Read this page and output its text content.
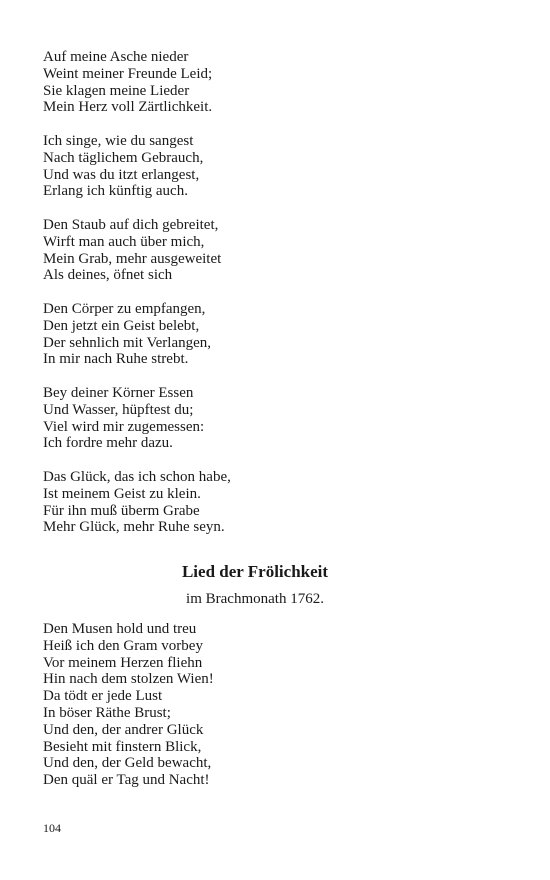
Auf meine Asche nieder
Weint meiner Freunde Leid;
Sie klagen meine Lieder
Mein Herz voll Zärtlichkeit.
Ich singe, wie du sangest
Nach täglichem Gebrauch,
Und was du itzt erlangest,
Erlang ich künftig auch.
Den Staub auf dich gebreitet,
Wirft man auch über mich,
Mein Grab, mehr ausgeweitet
Als deines, öfnet sich
Den Cörper zu empfangen,
Den jetzt ein Geist belebt,
Der sehnlich mit Verlangen,
In mir nach Ruhe strebt.
Bey deiner Körner Essen
Und Wasser, hüpftest du;
Viel wird mir zugemessen:
Ich fordre mehr dazu.
Das Glück, das ich schon habe,
Ist meinem Geist zu klein.
Für ihn muß überm Grabe
Mehr Glück, mehr Ruhe seyn.
Lied der Frölichkeit
im Brachmonath 1762.
Den Musen hold und treu
Heiß ich den Gram vorbey
Vor meinem Herzen fliehn
Hin nach dem stolzen Wien!
Da tödt er jede Lust
In böser Räthe Brust;
Und den, der andrer Glück
Besieht mit finstern Blick,
Und den, der Geld bewacht,
Den quäl er Tag und Nacht!
104
